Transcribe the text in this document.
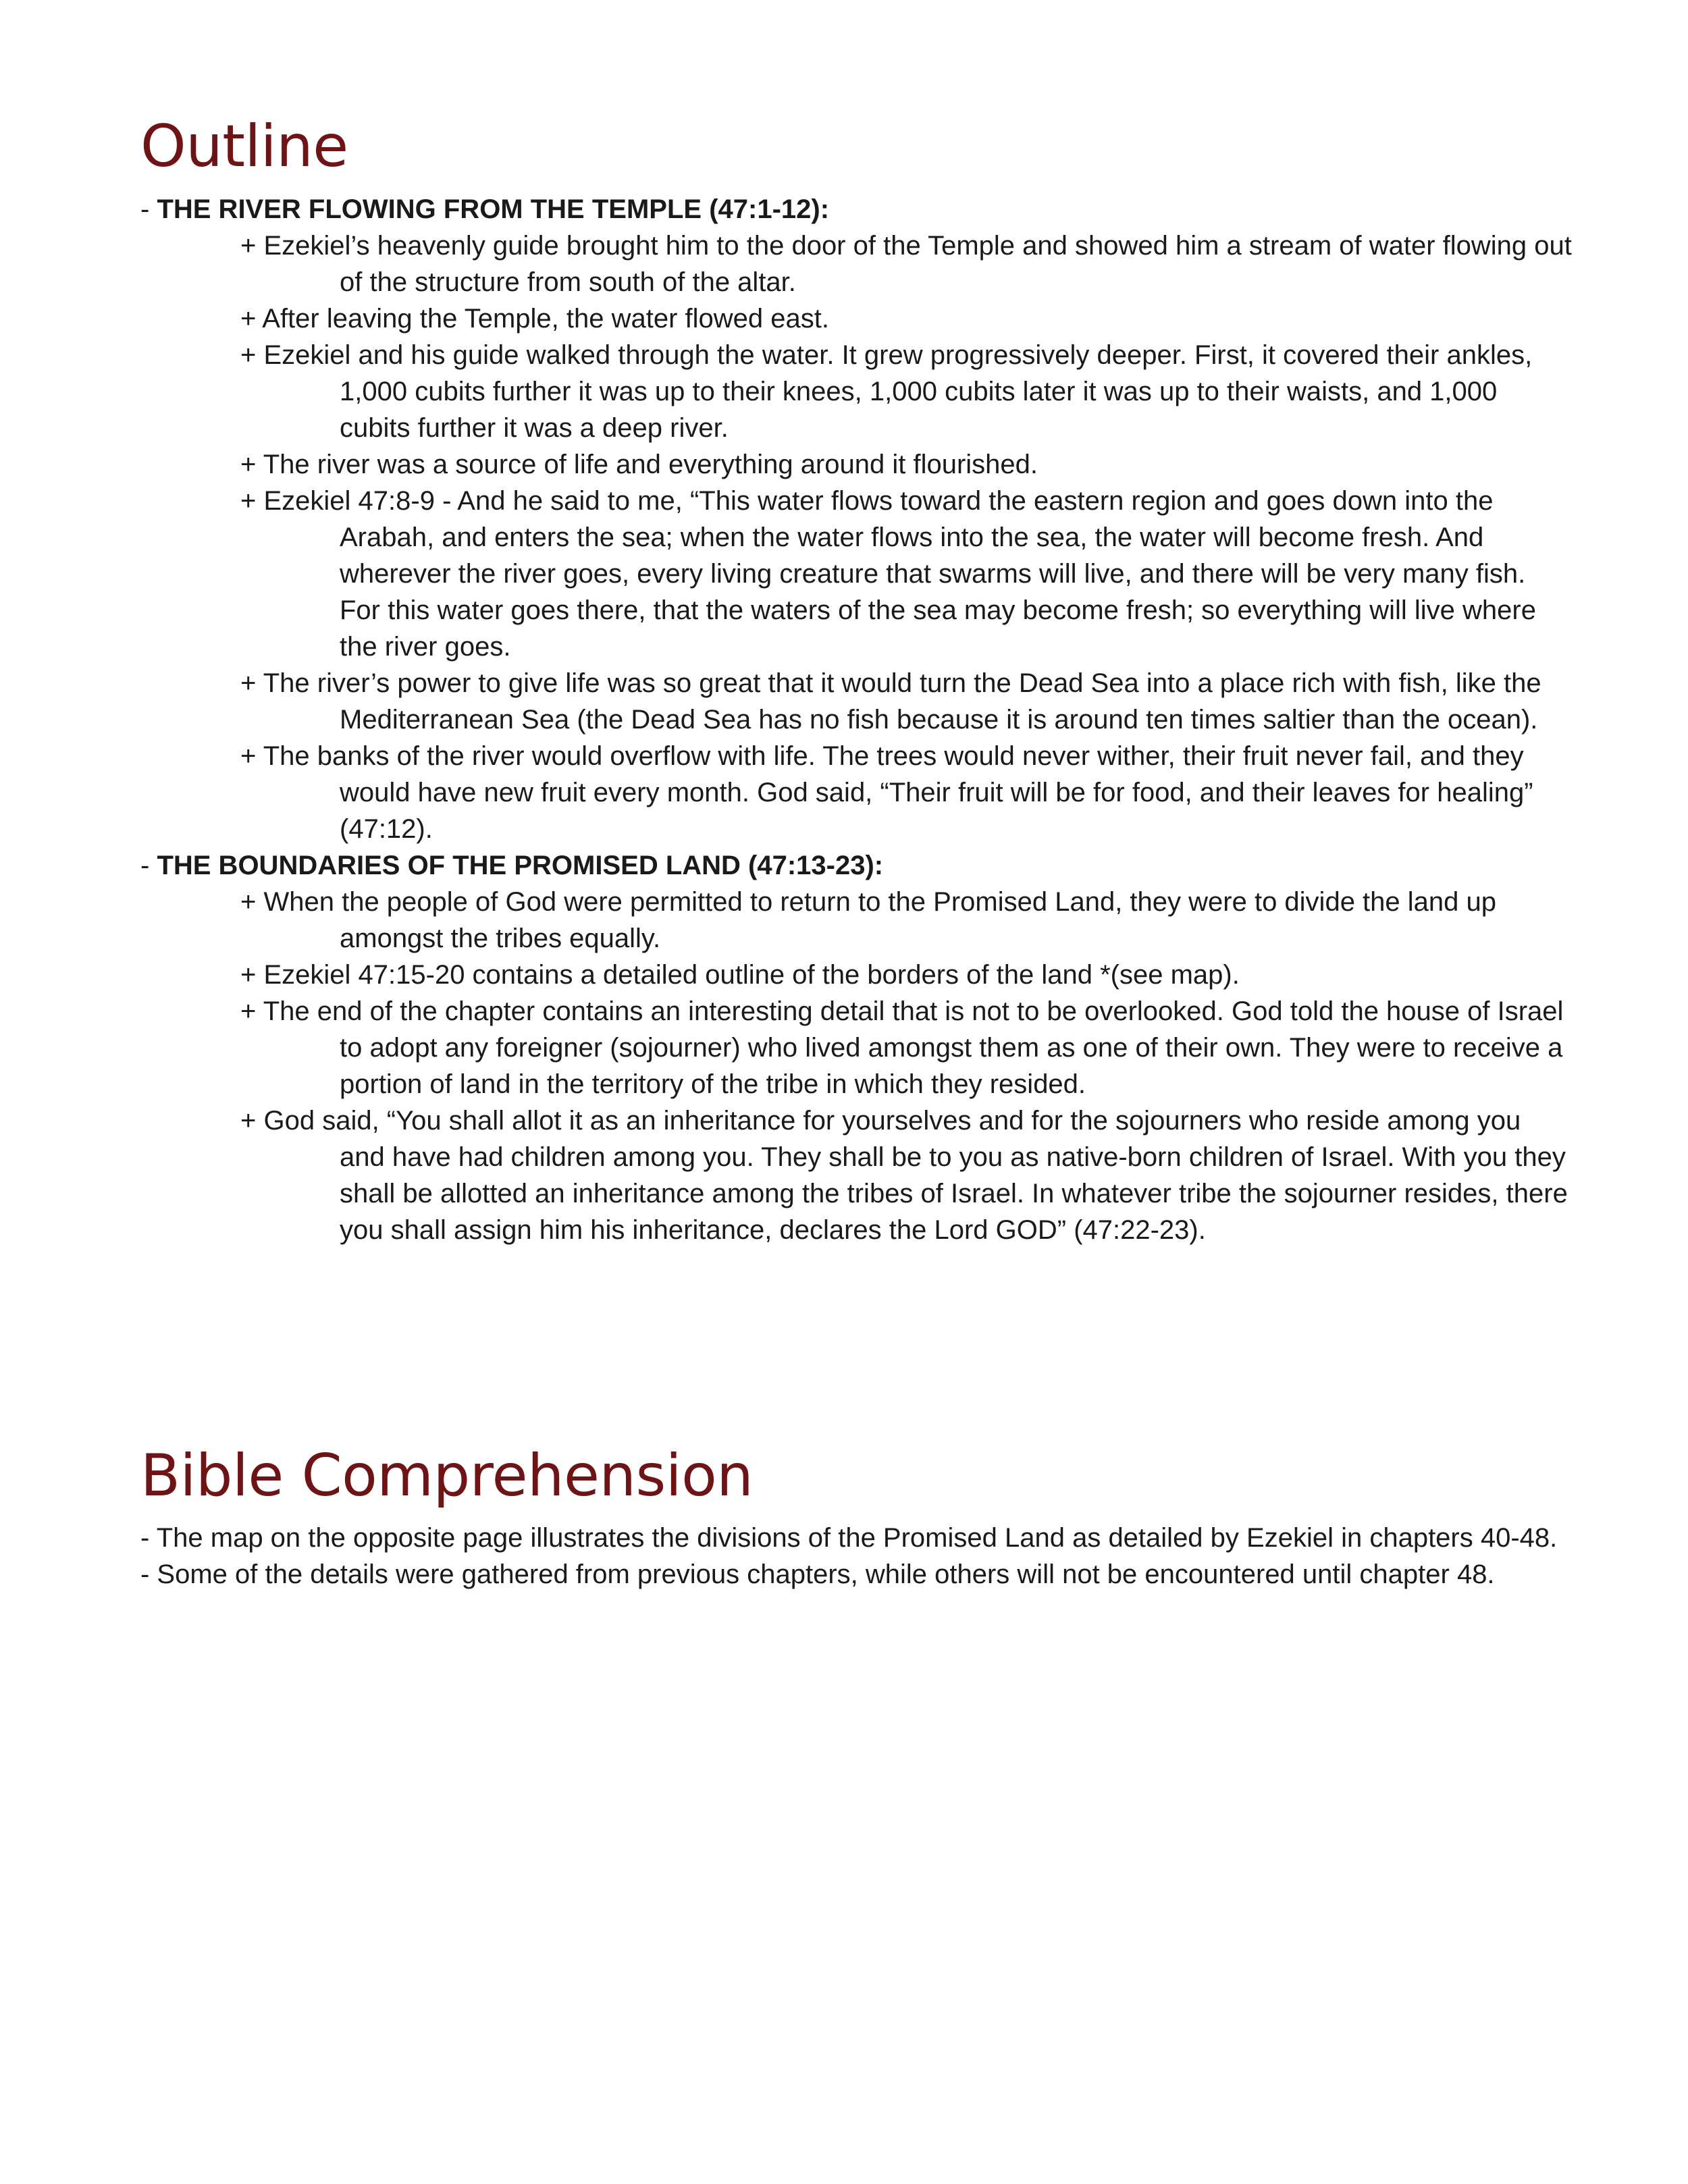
Outline

- THE RIVER FLOWING FROM THE TEMPLE (47:1-12):

+ Ezekiel’s heavenly guide brought him to the door of the Temple and showed him a stream of water flowing out of the structure from south of the altar.

+ After leaving the Temple, the water flowed east.

+ Ezekiel and his guide walked through the water. It grew progressively deeper. First, it covered their ankles, 1,000 cubits further it was up to their knees, 1,000 cubits later it was up to their waists, and 1,000 cubits further it was a deep river.

+ The river was a source of life and everything around it flourished.

+ Ezekiel 47:8-9 - And he said to me, “This water flows toward the eastern region and goes down into the Arabah, and enters the sea; when the water flows into the sea, the water will become fresh. And wherever the river goes, every living creature that swarms will live, and there will be very many fish. For this water goes there, that the waters of the sea may become fresh; so everything will live where the river goes.

+ The river’s power to give life was so great that it would turn the Dead Sea into a place rich with fish, like the Mediterranean Sea (the Dead Sea has no fish because it is around ten times saltier than the ocean).

+ The banks of the river would overflow with life. The trees would never wither, their fruit never fail, and they would have new fruit every month. God said, “Their fruit will be for food, and their leaves for healing” (47:12).

- THE BOUNDARIES OF THE PROMISED LAND (47:13-23):

+ When the people of God were permitted to return to the Promised Land, they were to divide the land up amongst the tribes equally.

+ Ezekiel 47:15-20 contains a detailed outline of the borders of the land *(see map).

+ The end of the chapter contains an interesting detail that is not to be overlooked. God told the house of Israel to adopt any foreigner (sojourner) who lived amongst them as one of their own. They were to receive a portion of land in the territory of the tribe in which they resided.

+ God said, “You shall allot it as an inheritance for yourselves and for the sojourners who reside among you and have had children among you. They shall be to you as native-born children of Israel. With you they shall be allotted an inheritance among the tribes of Israel. In whatever tribe the sojourner resides, there you shall assign him his inheritance, declares the Lord GOD” (47:22-23).

Bible Comprehension

- The map on the opposite page illustrates the divisions of the Promised Land as detailed by Ezekiel in chapters 40-48.

- Some of the details were gathered from previous chapters, while others will not be encountered until chapter 48.
